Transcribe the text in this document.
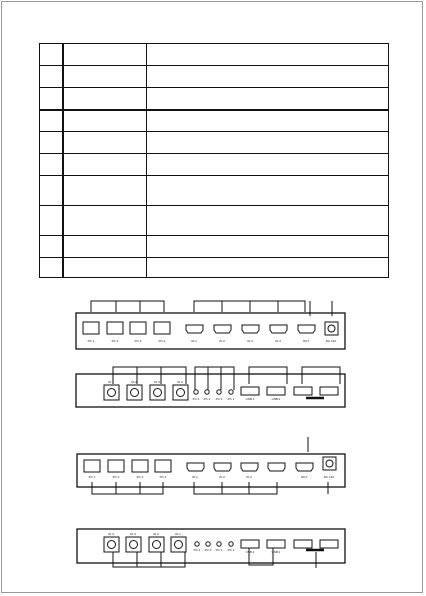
PC 1	PC 2	PC 3	PC 4	IN 1	IN 2	IN 3	IN 4	OUT	DC 12V
IN 1	IN 2	IN 3	IN 4
PC 4 PC 3 PC 2 PC 1	USB 1	USB 2
PC 1	PC 2	PC 3	PC 4	IN 1	IN 2	IN 3	OUT	DC 12V
IN 4	IN 3	IN 2	IN 1
PC 4 PC 3 PC 2 PC 1	USB 2	USB 1
